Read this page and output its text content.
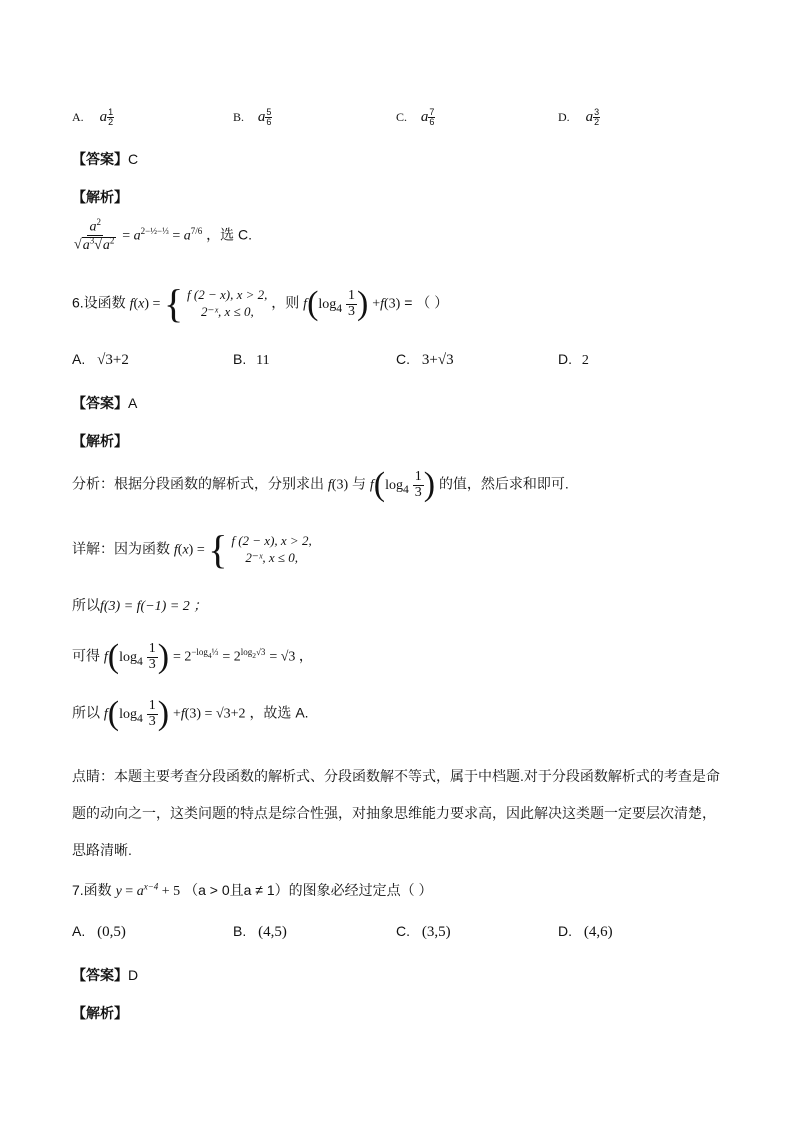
A. a $\frac{1}{2}$	B. a $\frac{5}{6}$	C. a $\frac{7}{6}$	D. a $\frac{3}{2}$
【答案】C
【解析】
$\frac{a^2}{√a^3√a^2} = a^{2-\frac{1}{2}-\frac{1}{3}} = a^{7/6}$ ，选 C.
6.设函数 f(x) = { f (2 − x), x > 2,
2⁻ˣ, x ≤ 0,
，则 $f(\log_4 \frac{1}{3}$ ) +f(3) = （ ）
A. √3+2	B. 11	C. 3+√3	D. 2
【答案】A
【解析】
分析：根据分段函数的解析式，分别求出 f(3) 与 $f(\log_4 \frac{1}{3}$ ) 的值，然后求和即可.
详解：因为函数 f(x) = { f (2 − x), x > 2,
2⁻ˣ, x ≤ 0,
所以f(3) = f(−1) = 2 ；
可得 $f(\log_4 \frac{1}{3}$ ) = $2^{-log_4\frac{1}{3}} = 2^{log_2√3} = √3$ ，
所以 $f(\log_4 \frac{1}{3}$ ) +f(3) = √3+2 ，故选 A.
点睛：本题主要考查分段函数的解析式、分段函数解不等式，属于中档题.对于分段函数解析式的考查是命
题的动向之一，这类问题的特点是综合性强，对抽象思维能力要求高，因此解决这类题一定要层次清楚，
思路清晰.
7.函数 $y = a^{x-4} + 5$ （a > 0且a ≠ 1）的图象必经过定点（ ）
A. (0,5)	B. (4,5)	C. (3,5)	D. (4,6)
【答案】D
【解析】
